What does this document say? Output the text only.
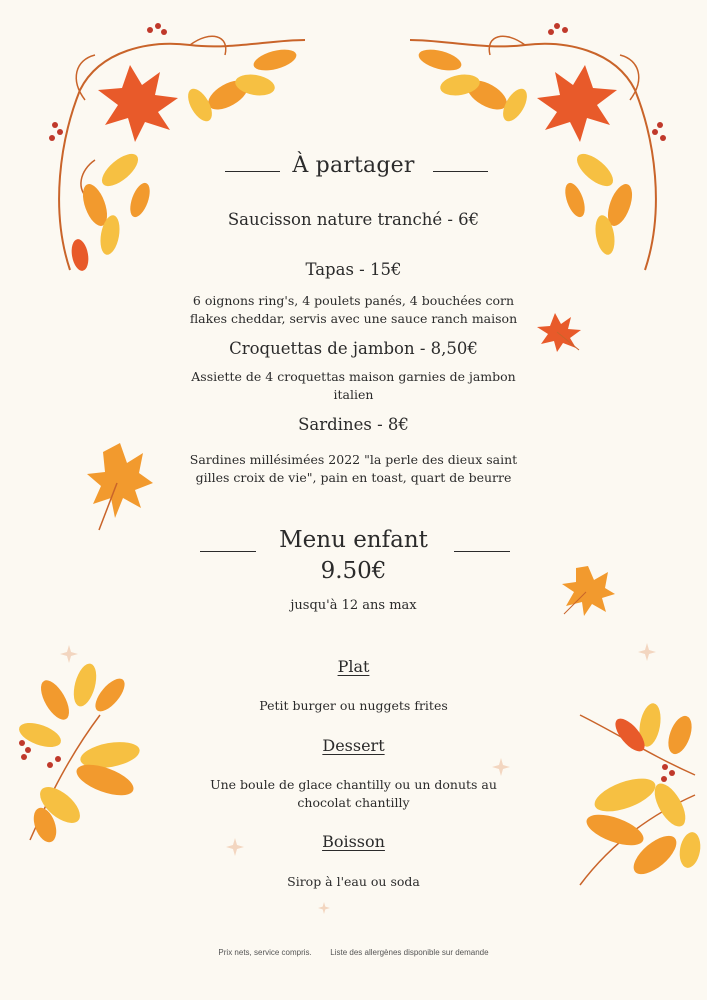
À partager
Saucisson nature tranché - 6€
Tapas - 15€
6 oignons ring's, 4 poulets panés, 4 bouchées corn
flakes cheddar, servis avec une sauce ranch maison
Croquettas de jambon - 8,50€
Assiette de 4 croquettas maison garnies de jambon
italien
Sardines - 8€
Sardines millésimées 2022 "la perle des dieux saint
gilles croix de vie", pain en toast, quart de beurre
Menu enfant
9.50€
jusqu'à 12 ans max
Plat
Petit burger ou nuggets frites
Dessert
Une boule de glace chantilly ou un donuts au
chocolat chantilly
Boisson
Sirop à l'eau ou soda
Prix nets, service compris. Liste des allergènes disponible sur demande
